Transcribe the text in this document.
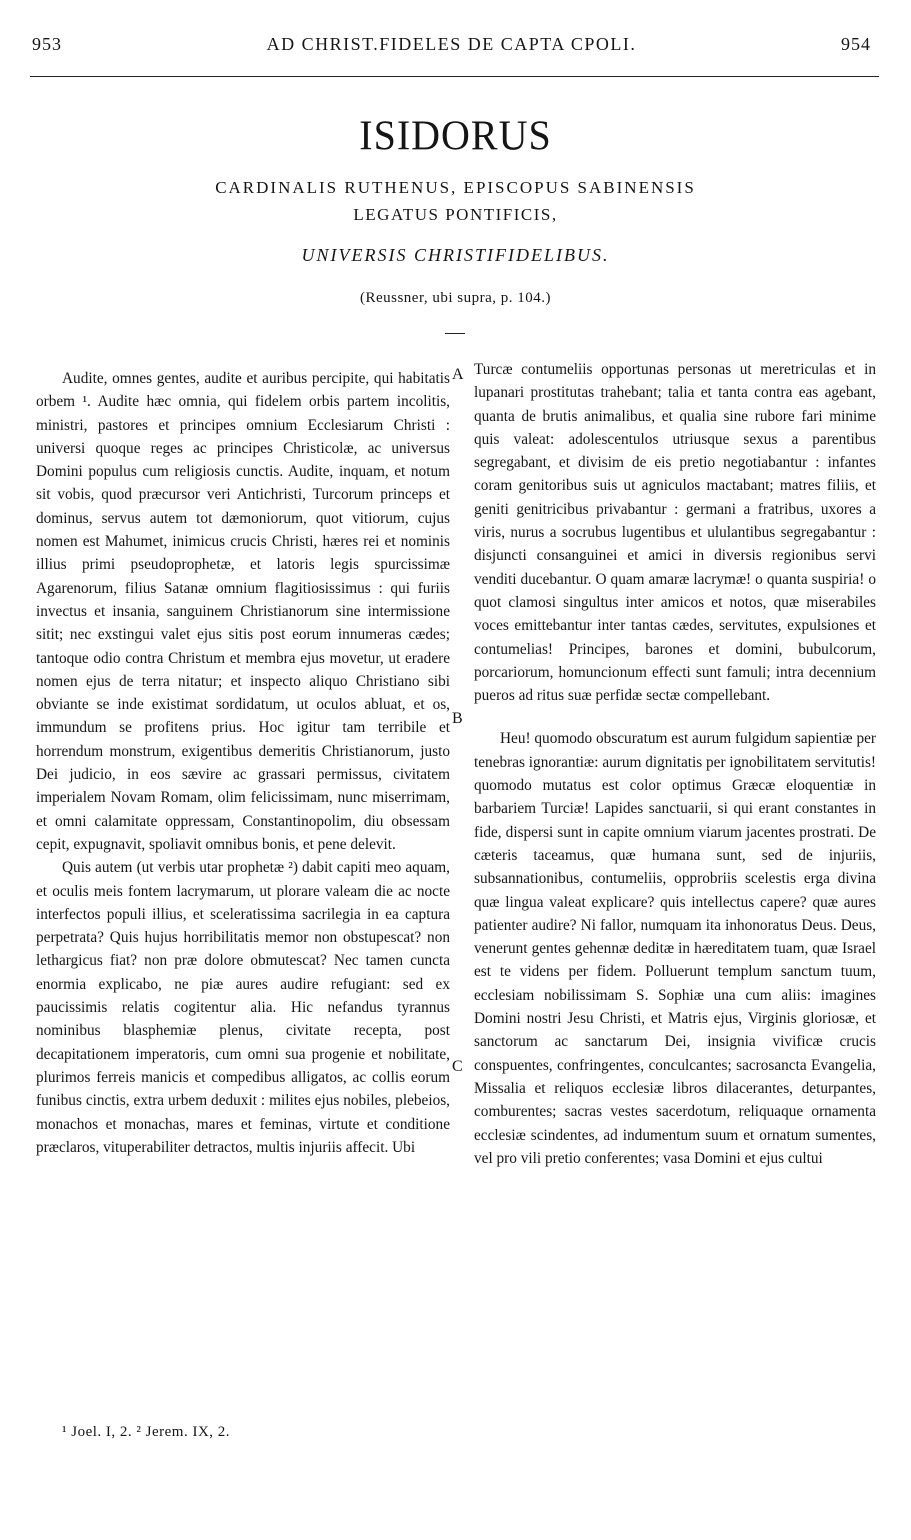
953	AD CHRIST.FIDELES DE CAPTA CPOLI.	954
ISIDORUS
CARDINALIS RUTHENUS, EPISCOPUS SABINENSIS
LEGATUS PONTIFICIS,
UNIVERSIS CHRISTIFIDELIBUS.
(Reussner, ubi supra, p. 104.)

Audite, omnes gentes, audite et auribus percipite, qui habitatis orbem ¹. Audite hæc omnia, qui fidelem orbis partem incolitis, ministri, pastores et principes omnium Ecclesiarum Christi : universi quoque reges ac principes Christicolæ, ac universus Domini populus cum religiosis cunctis. Audite, inquam, et notum sit vobis, quod præcursor veri Antichristi, Turcorum princeps et dominus, servus autem tot dæmoniorum, quot vitiorum, cujus nomen est Mahumet, inimicus crucis Christi, hæres rei et nominis illius primi pseudoprophetæ, et latoris legis spurcissimæ Agarenorum, filius Satanæ omnium flagitiosissimus : qui furiis invectus et insania, sanguinem Christianorum sine intermissione sitit; nec exstingui valet ejus sitis post eorum innumeras cædes; tantoque odio contra Christum et membra ejus movetur, ut eradere nomen ejus de terra nitatur; et inspecto aliquo Christiano sibi obviante se inde existimat sordidatum, ut oculos abluat, et os, immundum se profitens prius. Hoc igitur tam terribile et horrendum monstrum, exigentibus demeritis Christianorum, justo Dei judicio, in eos sævire ac grassari permissus, civitatem imperialem Novam Romam, olim felicissimam, nunc miserrimam, et omni calamitate oppressam, Constantinopolim, diu obsessam cepit, expugnavit, spoliavit omnibus bonis, et pene delevit.

Quis autem (ut verbis utar prophetæ ²) dabit capiti meo aquam, et oculis meis fontem lacrymarum, ut plorare valeam die ac nocte interfectos populi illius, et sceleratissima sacrilegia in ea captura perpetrata? Quis hujus horribilitatis memor non obstupescat? non lethargicus fiat? non præ dolore obmutescat? Nec tamen cuncta enormia explicabo, ne piæ aures audire refugiant: sed ex paucissimis relatis cogitentur alia. Hic nefandus tyrannus nominibus blasphemiæ plenus, civitate recepta, post decapitationem imperatoris, cum omni sua progenie et nobilitate, plurimos ferreis manicis et compedibus alligatos, ac collis eorum funibus cinctis, extra urbem deduxit : milites ejus nobiles, plebeios, monachos et monachas, mares et feminas, virtute et conditione præclaros, vituperabiliter detractos, multis injuriis affecit. Ubi

A
B
C

Turcæ contumeliis opportunas personas ut meretriculas et in lupanari prostitutas trahebant; talia et tanta contra eas agebant, quanta de brutis animalibus, et qualia sine rubore fari minime quis valeat: adolescentulos utriusque sexus a parentibus segregabant, et divisim de eis pretio negotiabantur : infantes coram genitoribus suis ut agniculos mactabant; matres filiis, et geniti genitricibus privabantur : germani a fratribus, uxores a viris, nurus a socrubus lugentibus et ululantibus segregabantur : disjuncti consanguinei et amici in diversis regionibus servi venditi ducebantur. O quam amaræ lacrymæ! o quanta suspiria! o quot clamosi singultus inter amicos et notos, quæ miserabiles voces emittebantur inter tantas cædes, servitutes, expulsiones et contumelias! Principes, barones et domini, bubulcorum, porcariorum, homuncionum effecti sunt famuli; intra decennium pueros ad ritus suæ perfidæ sectæ compellebant.

Heu! quomodo obscuratum est aurum fulgidum sapientiæ per tenebras ignorantiæ: aurum dignitatis per ignobilitatem servitutis! quomodo mutatus est color optimus Græcæ eloquentiæ in barbariem Turciæ! Lapides sanctuarii, si qui erant constantes in fide, dispersi sunt in capite omnium viarum jacentes prostrati. De cæteris taceamus, quæ humana sunt, sed de injuriis, subsannationibus, contumeliis, opprobriis scelestis erga divina quæ lingua valeat explicare? quis intellectus capere? quæ aures patienter audire? Ni fallor, numquam ita inhonoratus Deus. Deus, venerunt gentes gehennæ deditæ in hæreditatem tuam, quæ Israel est te videns per fidem. Polluerunt templum sanctum tuum, ecclesiam nobilissimam S. Sophiæ una cum aliis: imagines Domini nostri Jesu Christi, et Matris ejus, Virginis gloriosæ, et sanctorum ac sanctarum Dei, insignia vivificæ crucis conspuentes, confringentes, conculcantes; sacrosancta Evangelia, Missalia et reliquos ecclesiæ libros dilacerantes, deturpantes, comburentes; sacras vestes sacerdotum, reliquaque ornamenta ecclesiæ scindentes, ad indumentum suum et ornatum sumentes, vel pro vili pretio conferentes; vasa Domini et ejus cultui

¹ Joel. I, 2. ² Jerem. IX, 2.
